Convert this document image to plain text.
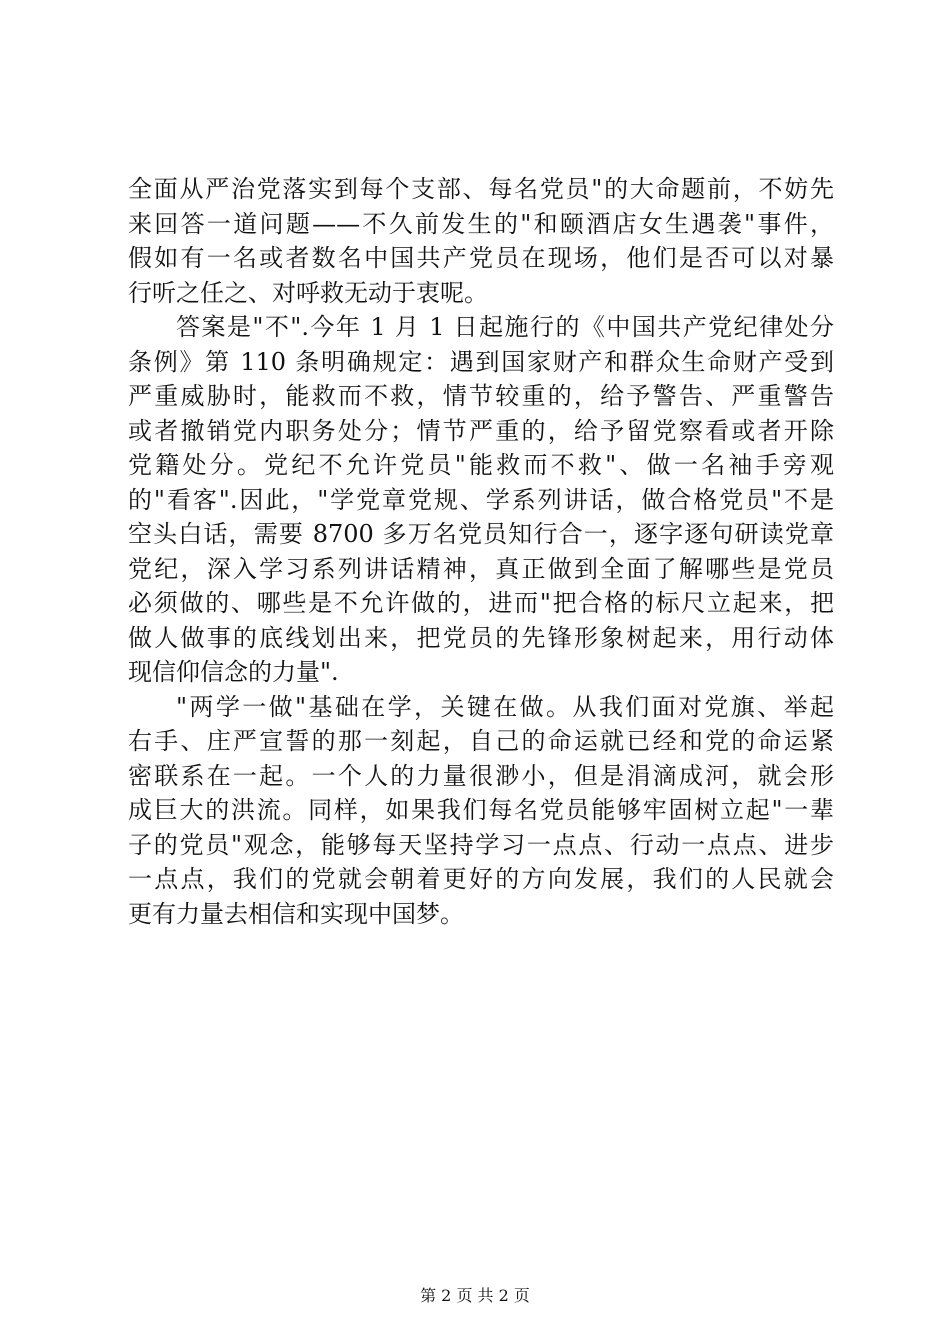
全面从严治党落实到每个支部、每名党员"的大命题前，不妨先
来回答一道问题——不久前发生的"和颐酒店女生遇袭"事件，
假如有一名或者数名中国共产党员在现场，他们是否可以对暴
行听之任之、对呼救无动于衷呢。
答案是"不".今年 1 月 1 日起施行的《中国共产党纪律处分
条例》第 110 条明确规定：遇到国家财产和群众生命财产受到
严重威胁时，能救而不救，情节较重的，给予警告、严重警告
或者撤销党内职务处分；情节严重的，给予留党察看或者开除
党籍处分。党纪不允许党员"能救而不救"、做一名袖手旁观
的"看客".因此，"学党章党规、学系列讲话，做合格党员"不是
空头白话，需要 8700 多万名党员知行合一，逐字逐句研读党章
党纪，深入学习系列讲话精神，真正做到全面了解哪些是党员
必须做的、哪些是不允许做的，进而"把合格的标尺立起来，把
做人做事的底线划出来，把党员的先锋形象树起来，用行动体
现信仰信念的力量".
"两学一做"基础在学，关键在做。从我们面对党旗、举起
右手、庄严宣誓的那一刻起，自己的命运就已经和党的命运紧
密联系在一起。一个人的力量很渺小，但是涓滴成河，就会形
成巨大的洪流。同样，如果我们每名党员能够牢固树立起"一辈
子的党员"观念，能够每天坚持学习一点点、行动一点点、进步
一点点，我们的党就会朝着更好的方向发展，我们的人民就会
更有力量去相信和实现中国梦。
第 2 页 共 2 页
